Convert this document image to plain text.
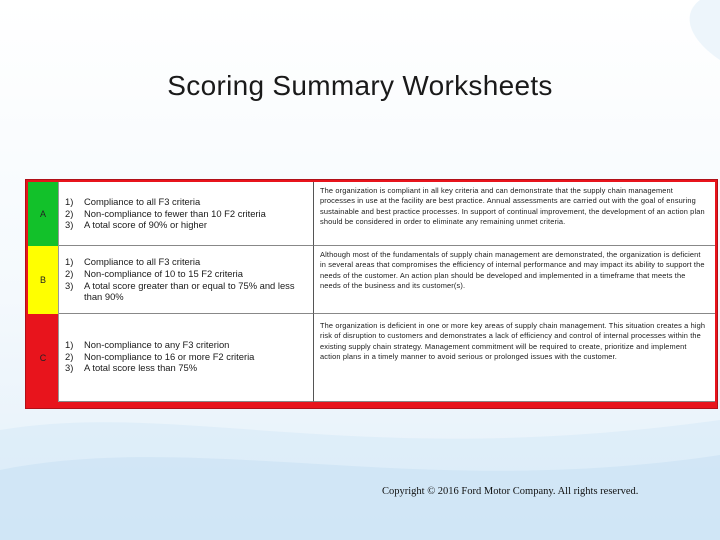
Scoring Summary Worksheets
A
1)	Compliance to all F3 criteria
2)	Non-compliance to fewer than 10 F2 criteria
3)	A total score of 90% or higher
The organization is compliant in all key criteria and can demonstrate that the supply chain management processes in use at the facility are best practice. Annual assessments are carried out with the goal of ensuring sustainable and best practice processes. In support of continual improvement, the development of an action plan should be considered in order to eliminate any remaining unmet criteria.
B
1)	Compliance to all F3 criteria
2)	Non-compliance of 10 to 15 F2 criteria
3)	A total score greater than or equal to 75% and less than 90%
Although most of the fundamentals of supply chain management are demonstrated, the organization is deficient in several areas that compromises the efficiency of internal performance and may impact its ability to support the needs of the customer. An action plan should be developed and implemented in a timeframe that meets the needs of the business and its customer(s).
C
1)	Non-compliance to any F3 criterion
2)	Non-compliance to 16 or more F2 criteria
3)	A total score less than 75%
The organization is deficient in one or more key areas of supply chain management. This situation creates a high risk of disruption to customers and demonstrates a lack of efficiency and control of internal processes within the existing supply chain strategy. Management commitment will be required to create, prioritize and implement action plans in a timely manner to avoid serious or prolonged issues with the customer.
Copyright © 2016 Ford Motor Company. All rights reserved.
